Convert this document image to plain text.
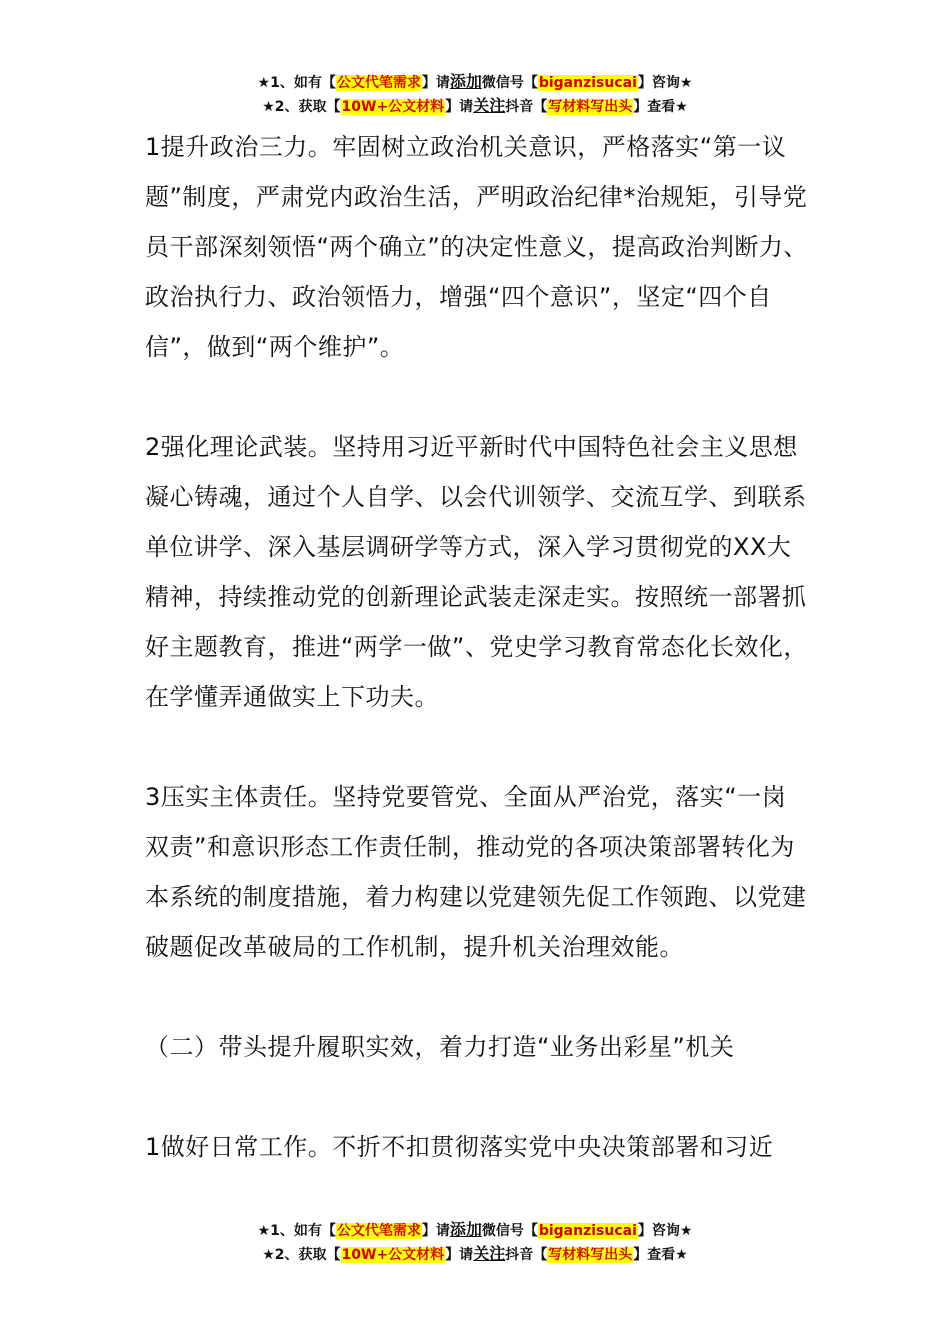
★1、如有【公文代笔需求】请添加微信号【biganzisucai】咨询★
★2、获取【10W+公文材料】请关注抖音【写材料写出头】查看★

1提升政治三力。牢固树立政治机关意识，严格落实“第一议题”制度，严肃党内政治生活，严明政治纪律*治规矩，引导党员干部深刻领悟“两个确立”的决定性意义，提高政治判断力、政治执行力、政治领悟力，增强“四个意识”，坚定“四个自信”，做到“两个维护”。

2强化理论武装。坚持用习近平新时代中国特色社会主义思想凝心铸魂，通过个人自学、以会代训领学、交流互学、到联系单位讲学、深入基层调研学等方式，深入学习贯彻党的XX大精神，持续推动党的创新理论武装走深走实。按照统一部署抓好主题教育，推进“两学一做”、党史学习教育常态化长效化，在学懂弄通做实上下功夫。

3压实主体责任。坚持党要管党、全面从严治党，落实“一岗双责”和意识形态工作责任制，推动党的各项决策部署转化为本系统的制度措施，着力构建以党建领先促工作领跑、以党建破题促改革破局的工作机制，提升机关治理效能。

（二）带头提升履职实效，着力打造“业务出彩星”机关

1做好日常工作。不折不扣贯彻落实党中央决策部署和习近

★1、如有【公文代笔需求】请添加微信号【biganzisucai】咨询★
★2、获取【10W+公文材料】请关注抖音【写材料写出头】查看★
